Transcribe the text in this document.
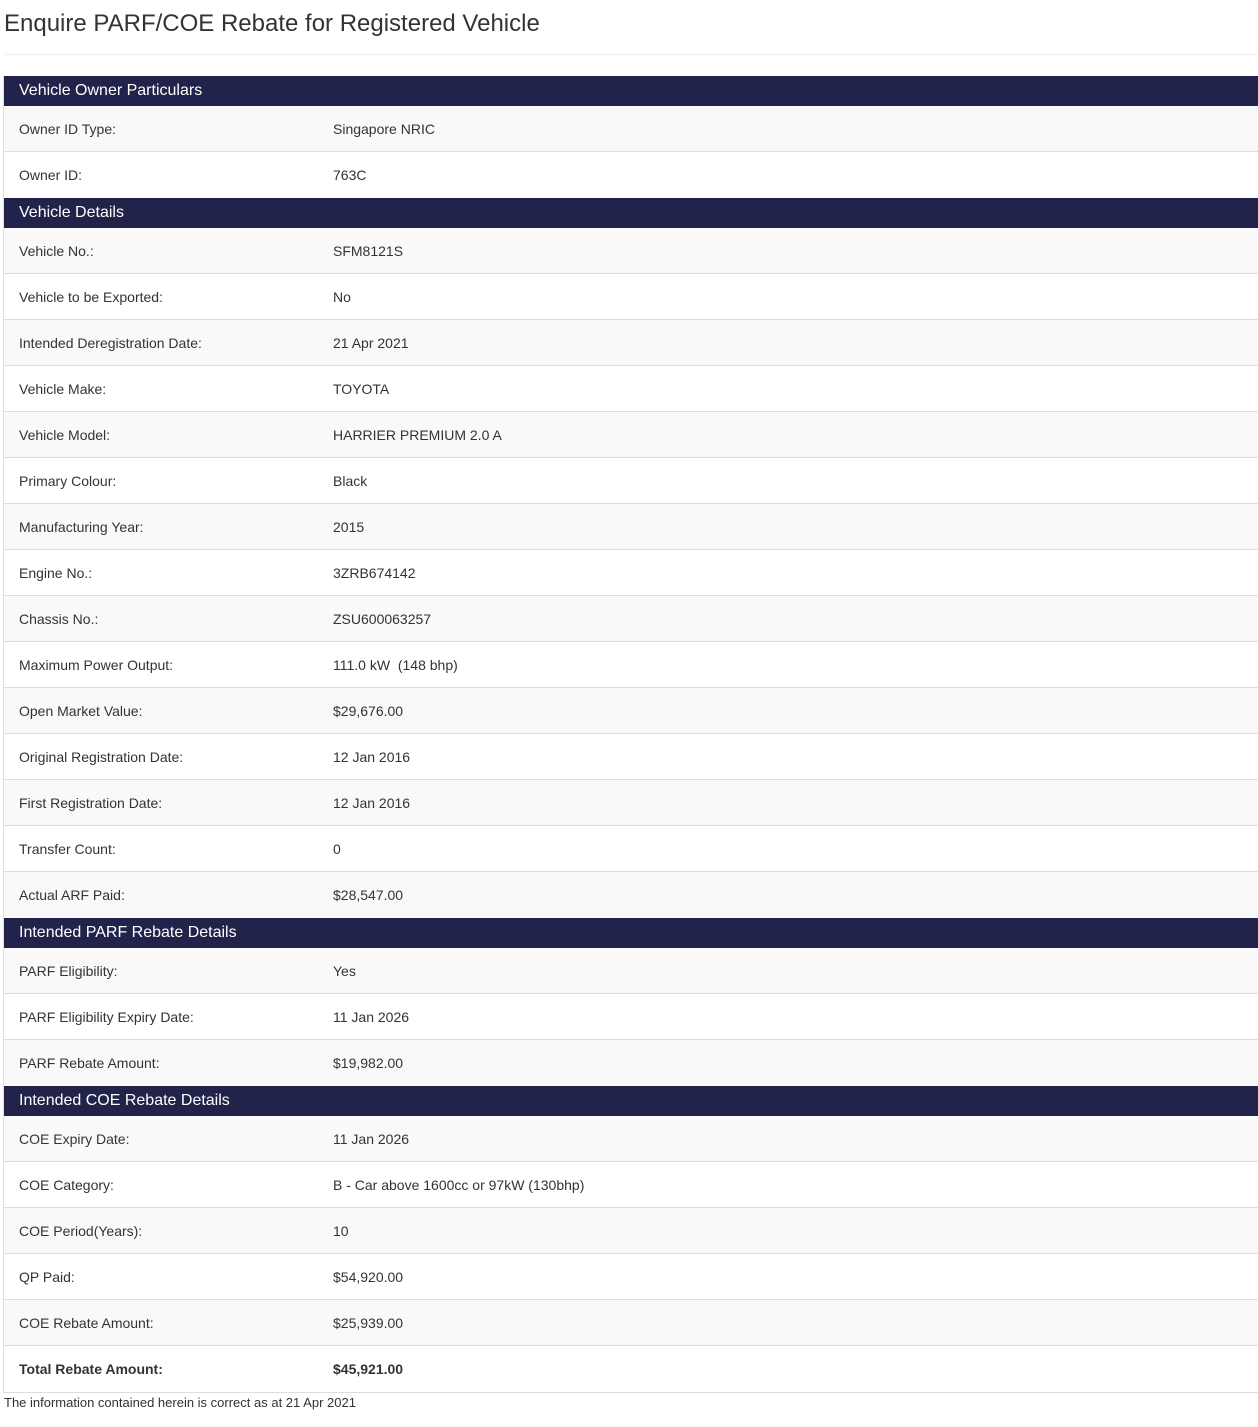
Enquire PARF/COE Rebate for Registered Vehicle
Vehicle Owner Particulars
Owner ID Type:	Singapore NRIC
Owner ID:	763C
Vehicle Details
Vehicle No.:	SFM8121S
Vehicle to be Exported:	No
Intended Deregistration Date:	21 Apr 2021
Vehicle Make:	TOYOTA
Vehicle Model:	HARRIER PREMIUM 2.0 A
Primary Colour:	Black
Manufacturing Year:	2015
Engine No.:	3ZRB674142
Chassis No.:	ZSU600063257
Maximum Power Output:	111.0 kW  (148 bhp)
Open Market Value:	$29,676.00
Original Registration Date:	12 Jan 2016
First Registration Date:	12 Jan 2016
Transfer Count:	0
Actual ARF Paid:	$28,547.00
Intended PARF Rebate Details
PARF Eligibility:	Yes
PARF Eligibility Expiry Date:	11 Jan 2026
PARF Rebate Amount:	$19,982.00
Intended COE Rebate Details
COE Expiry Date:	11 Jan 2026
COE Category:	B - Car above 1600cc or 97kW (130bhp)
COE Period(Years):	10
QP Paid:	$54,920.00
COE Rebate Amount:	$25,939.00
Total Rebate Amount:	$45,921.00
The information contained herein is correct as at 21 Apr 2021
